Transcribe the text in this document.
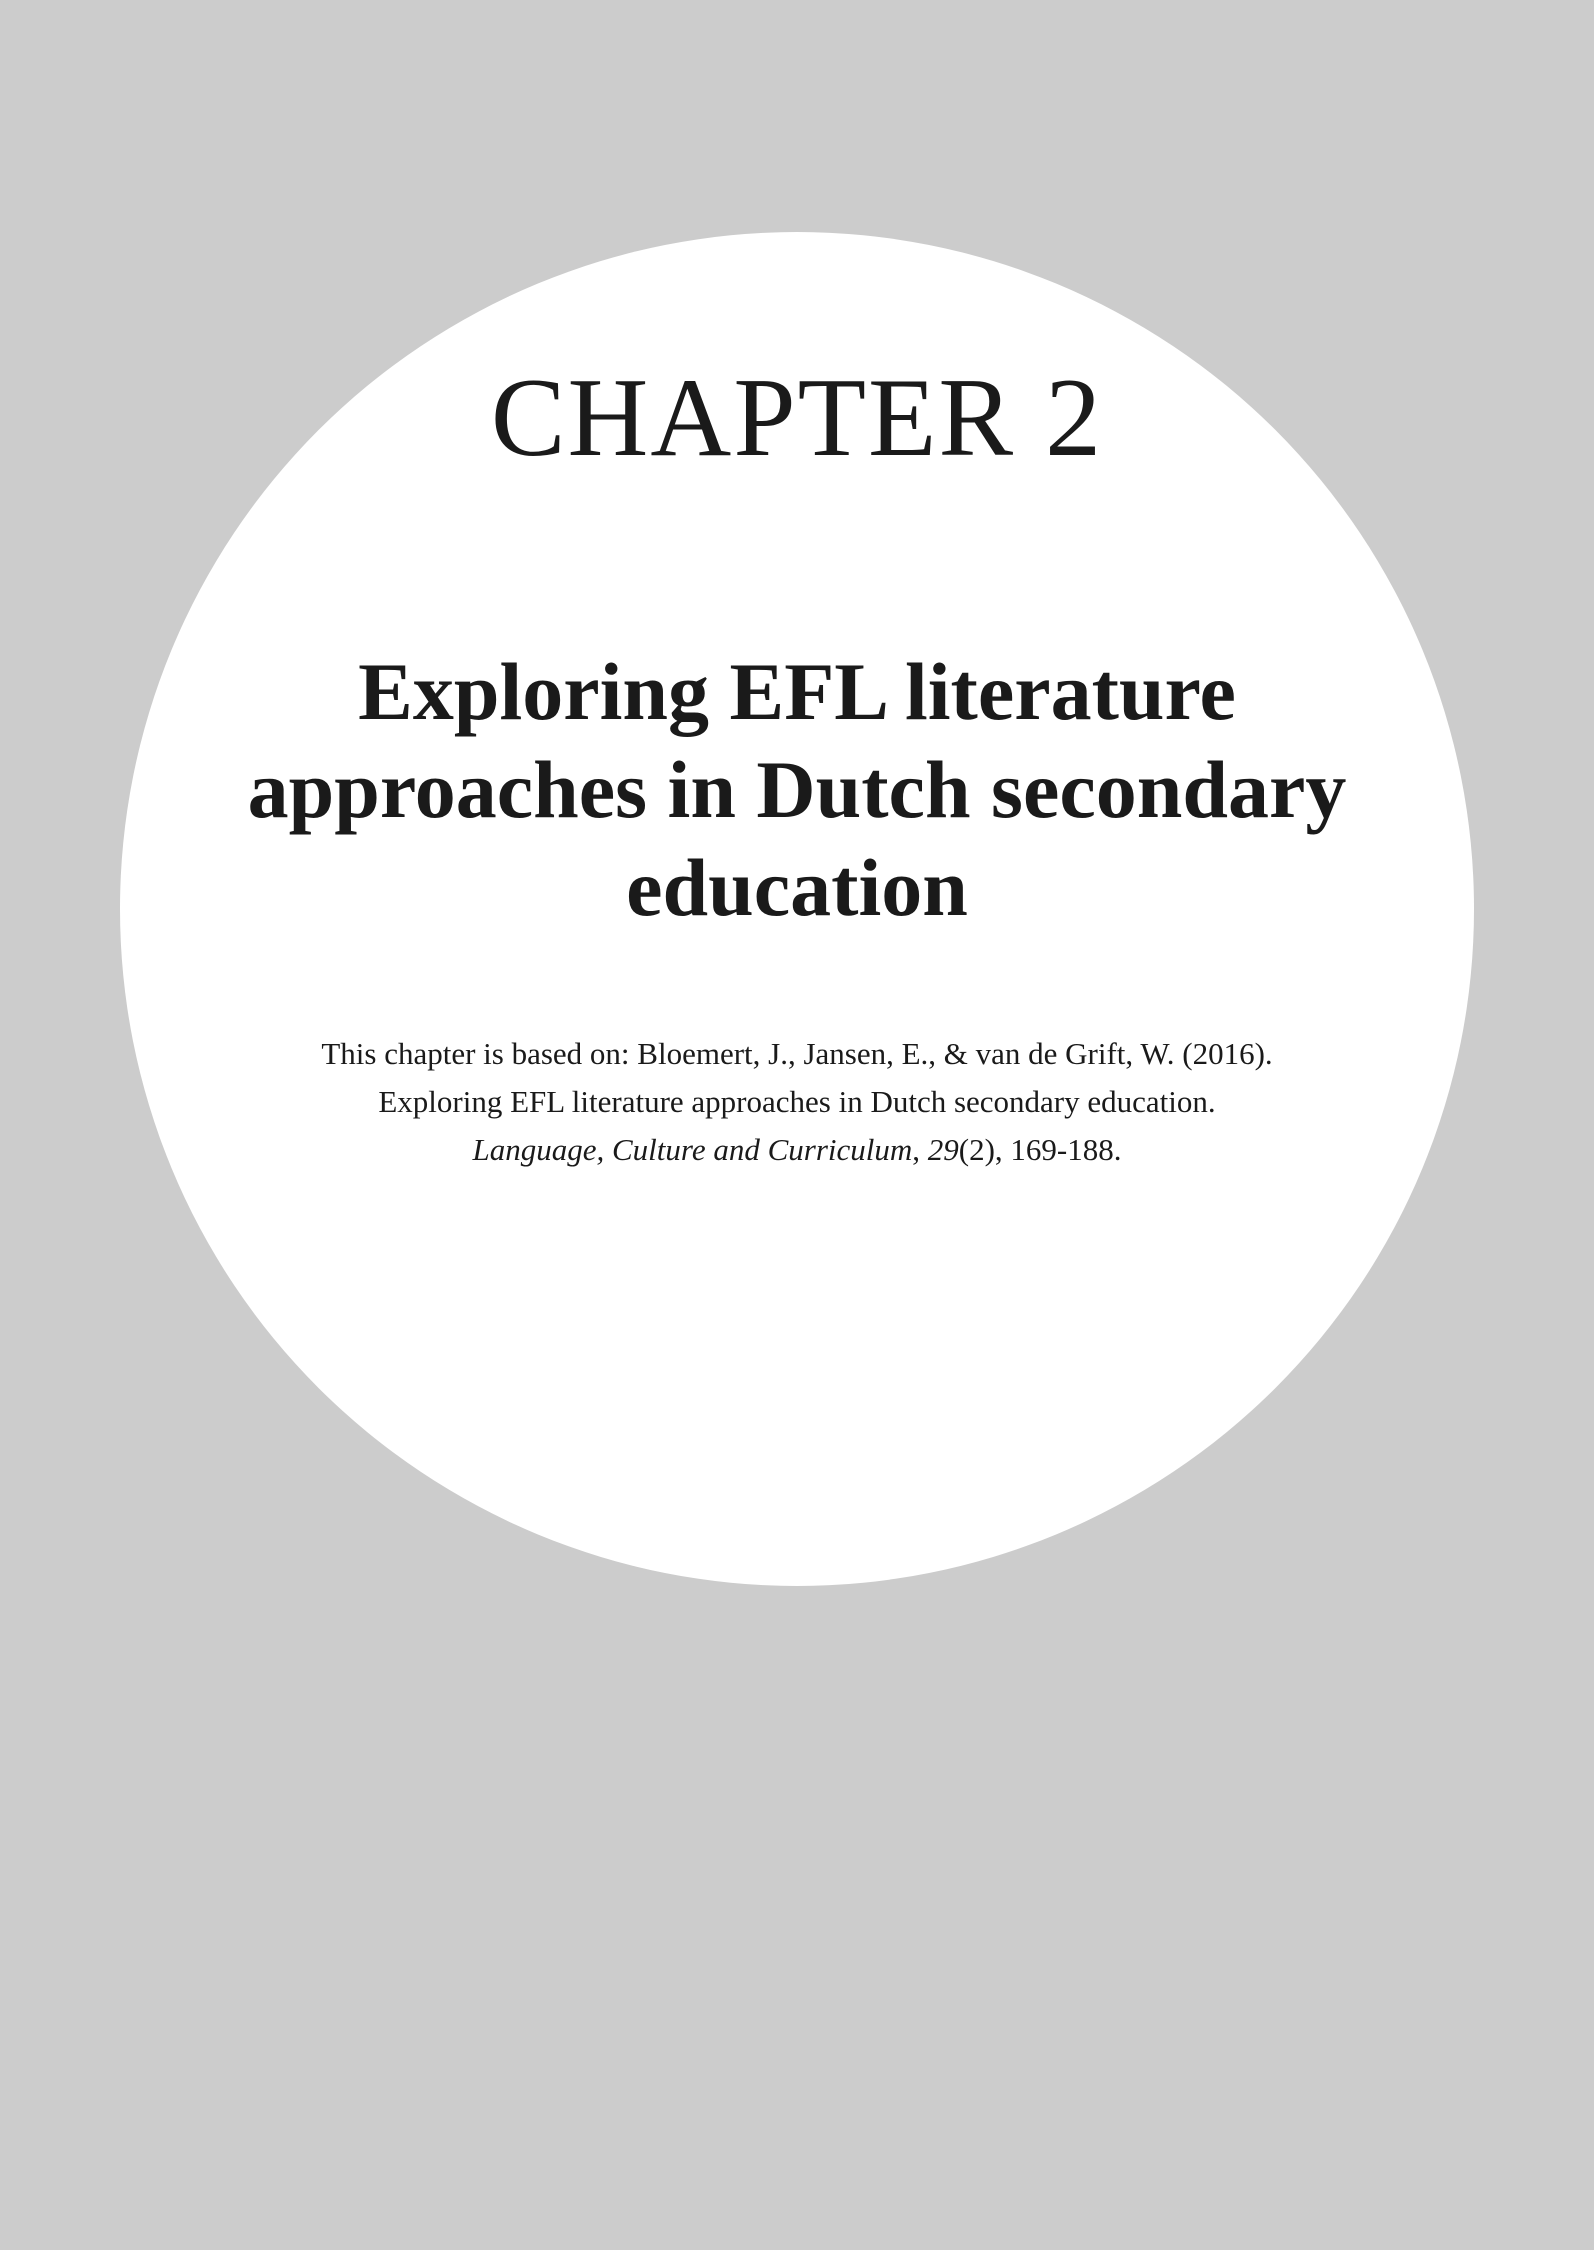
CHAPTER 2
Exploring EFL literature
approaches in Dutch secondary
education

This chapter is based on: Bloemert, J., Jansen, E., & van de Grift, W. (2016).
Exploring EFL literature approaches in Dutch secondary education.
Language, Culture and Curriculum, 29(2), 169-188.
